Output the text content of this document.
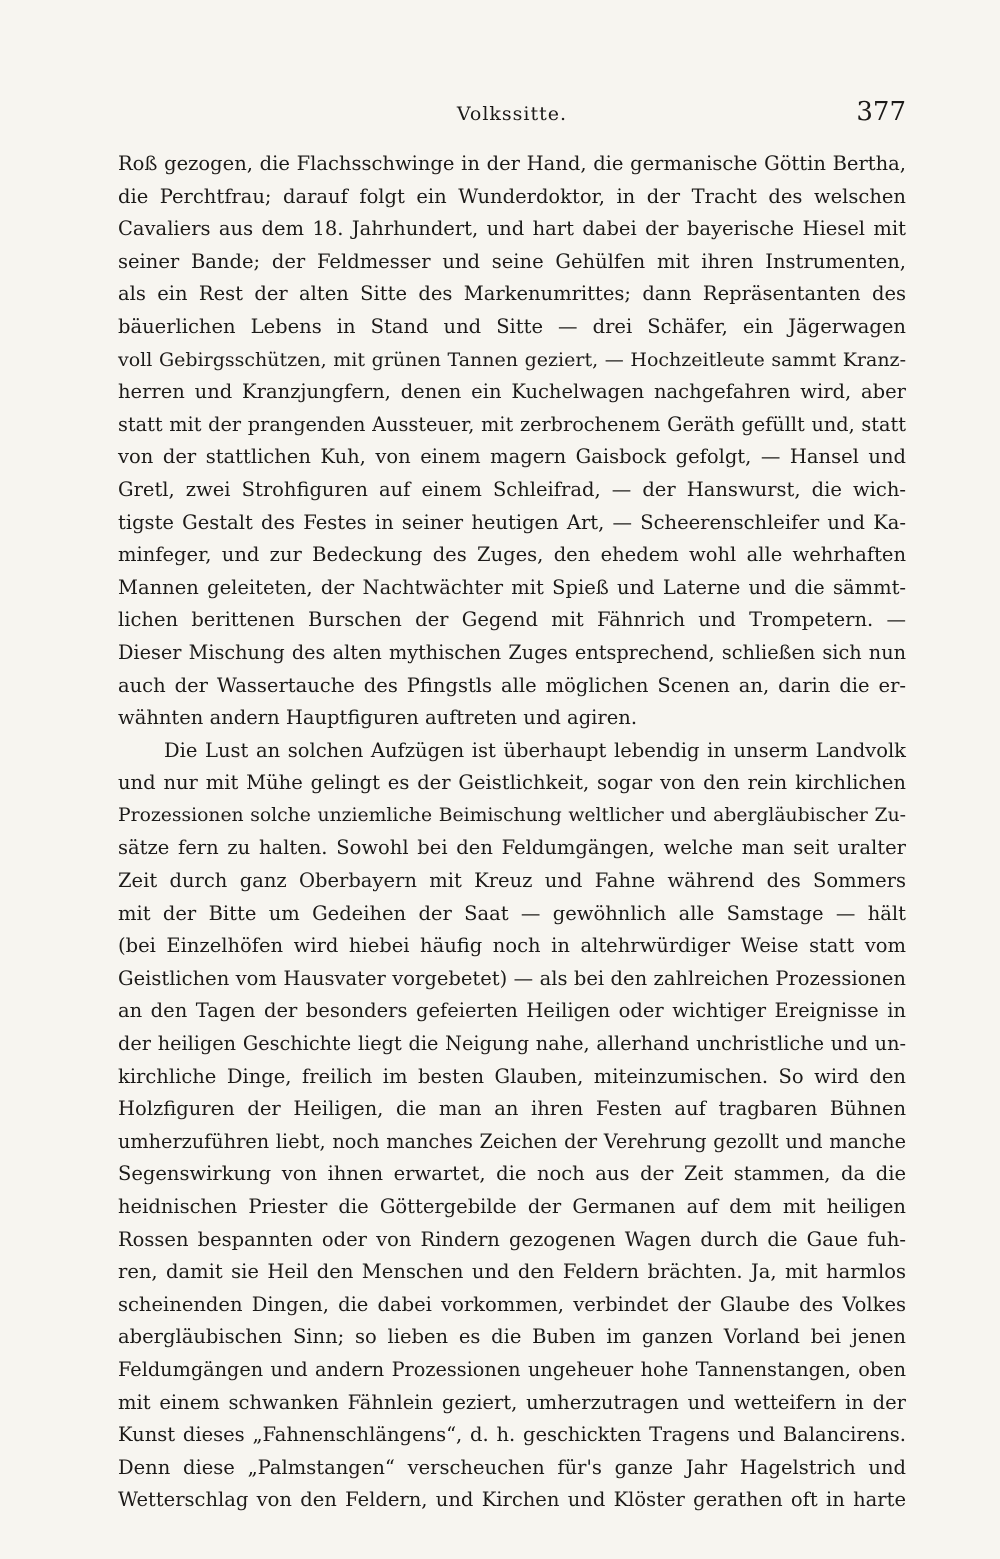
Volkssitte.	377
Roß gezogen, die Flachsschwinge in der Hand, die germanische Göttin Bertha,
die Perchtfrau; darauf folgt ein Wunderdoktor, in der Tracht des welschen
Cavaliers aus dem 18. Jahrhundert, und hart dabei der bayerische Hiesel mit
seiner Bande; der Feldmesser und seine Gehülfen mit ihren Instrumenten,
als ein Rest der alten Sitte des Markenumrittes; dann Repräsentanten des
bäuerlichen Lebens in Stand und Sitte — drei Schäfer, ein Jägerwagen
voll Gebirgsschützen, mit grünen Tannen geziert, — Hochzeitleute sammt Kranz-
herren und Kranzjungfern, denen ein Kuchelwagen nachgefahren wird, aber
statt mit der prangenden Aussteuer, mit zerbrochenem Geräth gefüllt und, statt
von der stattlichen Kuh, von einem magern Gaisbock gefolgt, — Hansel und
Gretl, zwei Strohfiguren auf einem Schleifrad, — der Hanswurst, die wich-
tigste Gestalt des Festes in seiner heutigen Art, — Scheerenschleifer und Ka-
minfeger, und zur Bedeckung des Zuges, den ehedem wohl alle wehrhaften
Mannen geleiteten, der Nachtwächter mit Spieß und Laterne und die sämmt-
lichen berittenen Burschen der Gegend mit Fähnrich und Trompetern. —
Dieser Mischung des alten mythischen Zuges entsprechend, schließen sich nun
auch der Wassertauche des Pfingstls alle möglichen Scenen an, darin die er-
wähnten andern Hauptfiguren auftreten und agiren.
Die Lust an solchen Aufzügen ist überhaupt lebendig in unserm Landvolk
und nur mit Mühe gelingt es der Geistlichkeit, sogar von den rein kirchlichen
Prozessionen solche unziemliche Beimischung weltlicher und abergläubischer Zu-
sätze fern zu halten. Sowohl bei den Feldumgängen, welche man seit uralter
Zeit durch ganz Oberbayern mit Kreuz und Fahne während des Sommers
mit der Bitte um Gedeihen der Saat — gewöhnlich alle Samstage — hält
(bei Einzelhöfen wird hiebei häufig noch in altehrwürdiger Weise statt vom
Geistlichen vom Hausvater vorgebetet) — als bei den zahlreichen Prozessionen
an den Tagen der besonders gefeierten Heiligen oder wichtiger Ereignisse in
der heiligen Geschichte liegt die Neigung nahe, allerhand unchristliche und un-
kirchliche Dinge, freilich im besten Glauben, miteinzumischen. So wird den
Holzfiguren der Heiligen, die man an ihren Festen auf tragbaren Bühnen
umherzuführen liebt, noch manches Zeichen der Verehrung gezollt und manche
Segenswirkung von ihnen erwartet, die noch aus der Zeit stammen, da die
heidnischen Priester die Göttergebilde der Germanen auf dem mit heiligen
Rossen bespannten oder von Rindern gezogenen Wagen durch die Gaue fuh-
ren, damit sie Heil den Menschen und den Feldern brächten. Ja, mit harmlos
scheinenden Dingen, die dabei vorkommen, verbindet der Glaube des Volkes
abergläubischen Sinn; so lieben es die Buben im ganzen Vorland bei jenen
Feldumgängen und andern Prozessionen ungeheuer hohe Tannenstangen, oben
mit einem schwanken Fähnlein geziert, umherzutragen und wetteifern in der
Kunst dieses „Fahnenschlängens“, d. h. geschickten Tragens und Balancirens.
Denn diese „Palmstangen“ verscheuchen für's ganze Jahr Hagelstrich und
Wetterschlag von den Feldern, und Kirchen und Klöster gerathen oft in harte
